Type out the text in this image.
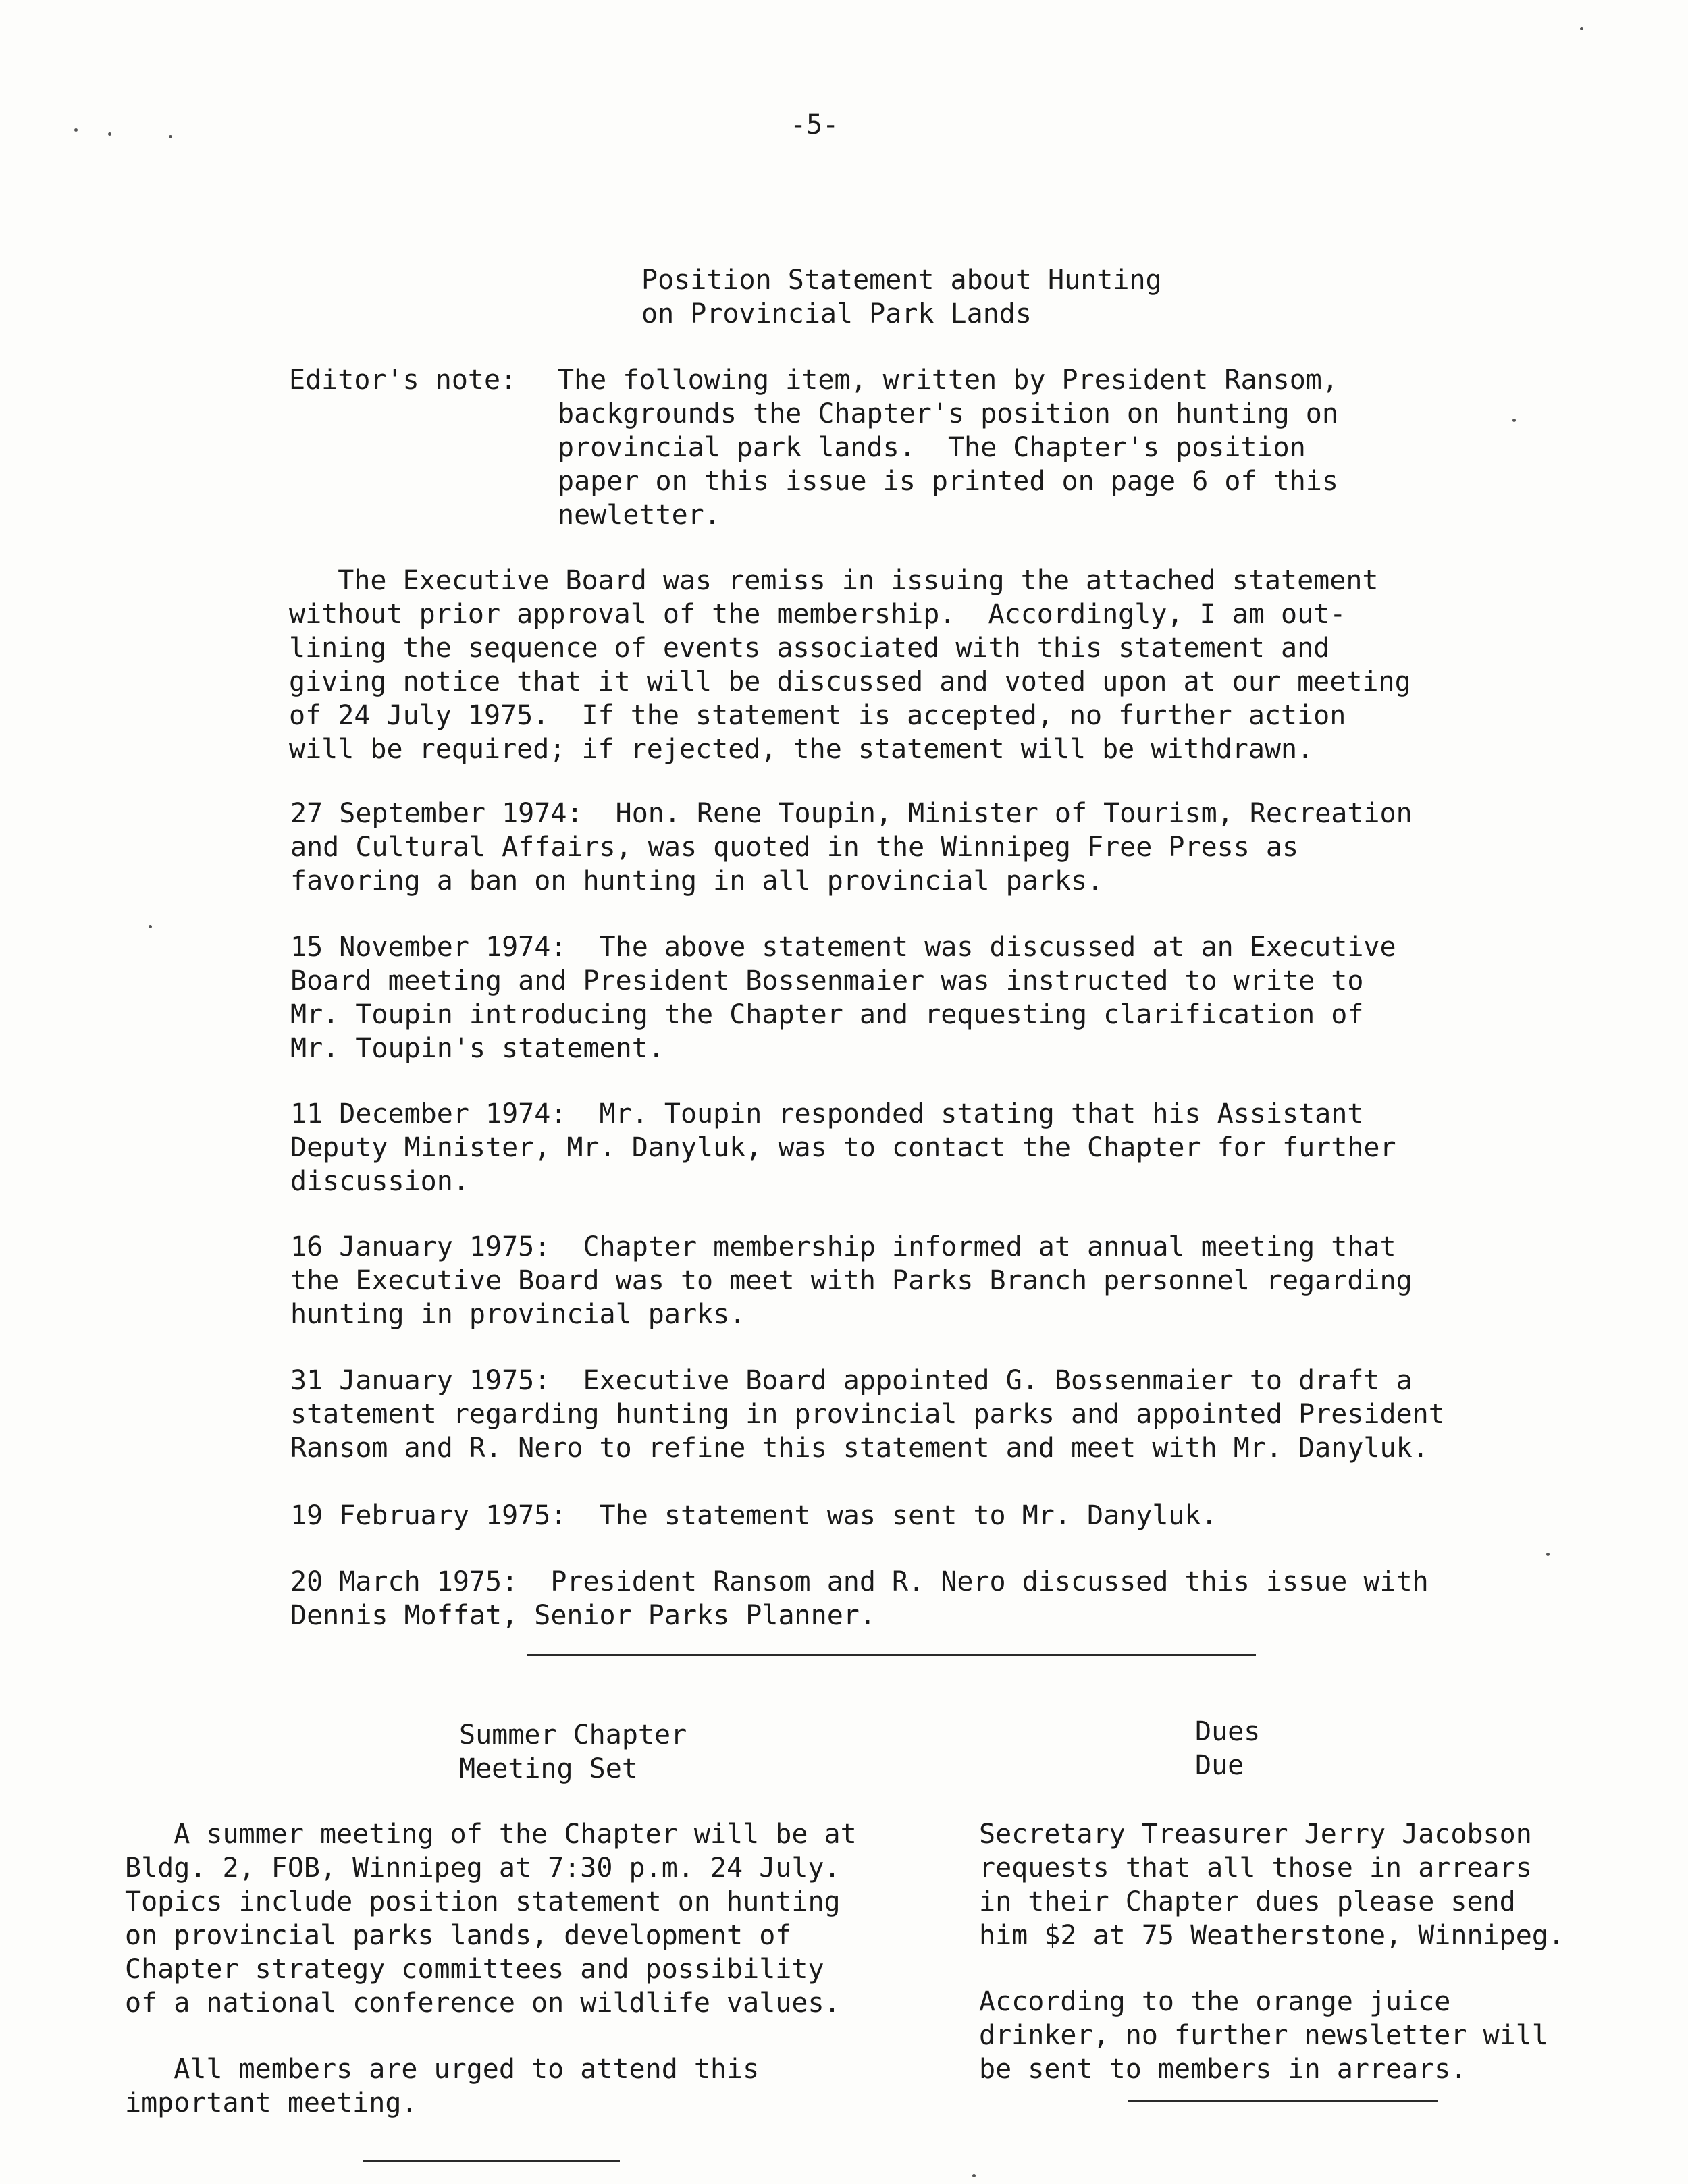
-5-
Position Statement about Hunting
on Provincial Park Lands
Editor's note: The following item, written by President Ransom,
backgrounds the Chapter's position on hunting on
provincial park lands.  The Chapter's position
paper on this issue is printed on page 6 of this
newletter.
The Executive Board was remiss in issuing the attached statement
without prior approval of the membership.  Accordingly, I am out-
lining the sequence of events associated with this statement and
giving notice that it will be discussed and voted upon at our meeting
of 24 July 1975.  If the statement is accepted, no further action
will be required; if rejected, the statement will be withdrawn.
27 September 1974:  Hon. Rene Toupin, Minister of Tourism, Recreation
and Cultural Affairs, was quoted in the Winnipeg Free Press as
favoring a ban on hunting in all provincial parks.
15 November 1974:  The above statement was discussed at an Executive
Board meeting and President Bossenmaier was instructed to write to
Mr. Toupin introducing the Chapter and requesting clarification of
Mr. Toupin's statement.
11 December 1974:  Mr. Toupin responded stating that his Assistant
Deputy Minister, Mr. Danyluk, was to contact the Chapter for further
discussion.
16 January 1975:  Chapter membership informed at annual meeting that
the Executive Board was to meet with Parks Branch personnel regarding
hunting in provincial parks.
31 January 1975:  Executive Board appointed G. Bossenmaier to draft a
statement regarding hunting in provincial parks and appointed President
Ransom and R. Nero to refine this statement and meet with Mr. Danyluk.
19 February 1975:  The statement was sent to Mr. Danyluk.
20 March 1975:  President Ransom and R. Nero discussed this issue with
Dennis Moffat, Senior Parks Planner.
Summer Chapter
Meeting Set
A summer meeting of the Chapter will be at
Bldg. 2, FOB, Winnipeg at 7:30 p.m. 24 July.
Topics include position statement on hunting
on provincial parks lands, development of
Chapter strategy committees and possibility
of a national conference on wildlife values.
All members are urged to attend this
important meeting.
Dues
Due
Secretary Treasurer Jerry Jacobson
requests that all those in arrears
in their Chapter dues please send
him $2 at 75 Weatherstone, Winnipeg.
According to the orange juice
drinker, no further newsletter will
be sent to members in arrears.
